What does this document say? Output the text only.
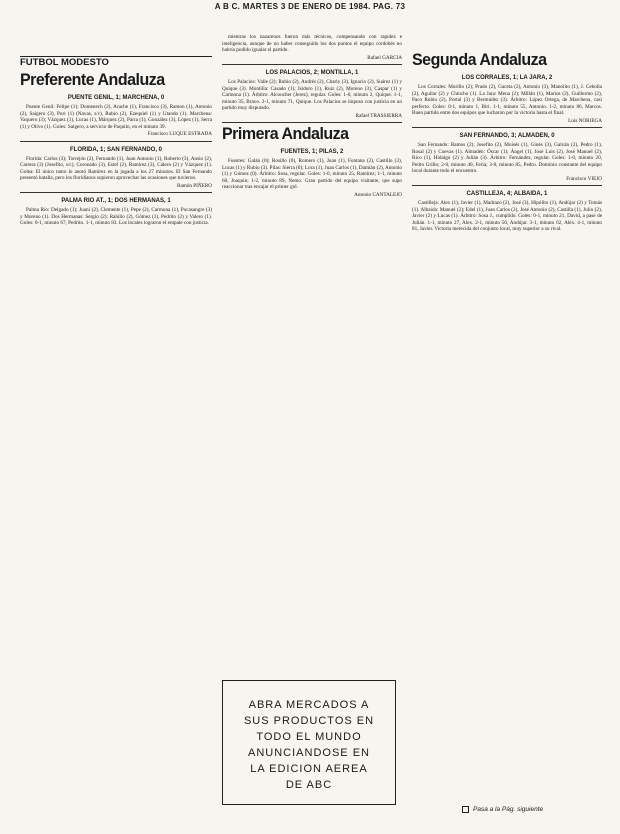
A B C. MARTES 3 DE ENERO DE 1984. PAG. 73
FUTBOL MODESTO
Preferente Andaluza
PUENTE GENIL, 1; MARCHENA, 0

Puente Genil: Felipe (1); Domenech (2), Arache (1), Francisco (3), Ramon (1), Antonio (2), Saigero (3), Puri (1) (Navas, s/c), Rubio (2), Ezequiel (1) y Utando (1). Marchena: Vaquero (3); Vázquez (1), Lucas (1), Márquez (2), Parra (1), González (3), López (1), Serra (1) y Olivo (1). Goles: Salgero, a servicio de Paquito, en el minuto 39.

Francisco LUQUE ESTRADA

FLORIDA, 1; SAN FERNANDO, 0

Florida: Carlos (3); Torrejón (2), Fernando (1), Juan Antonio (1), Roberto (3), Ansio (2), Carrera (3) (Josefito, s/c), Coronado (3), Estel (2), Ramírez (3), Calero (2) y Vázquez (1). Golea: El único tanto lo anotó Ramírez en la jugada a los 27 minutos. El San Fernando presentó batalla, pero los floridianos supieron aprovechar las ocasiones que tuvieron.

Ramón PIÑERO

PALMA RIO AT., 1; DOS HERMANAS, 1

Palma Río: Delgado (1); Juani (2), Clemente (1), Pepe (2), Carmona (1), Pocasangre (3) y Moreno (1). Dos Hermanas: Sergio (2); Rahilío (2), Gómez (1), Pedrito (2) y Valero (1). Goles: 0-1, minuto 67, Pedrito. 1-1, minuto 83. Los locales lograron el empate con justicia.

mientras los nazarenos fueron más técnicos, compensando con rapidez e inteligencia, aunque de no haber conseguido los dos puntos el equipo cordobés no habría podido igualar el partido.

Rafael GARCIA

LOS PALACIOS, 2; MONTILLA, 1

Los Palacios: Valle (2); Rubio (2), Andrés (2), Charly (3), Ignacio (2), Suárez (1) y Quique (3). Montilla: Casado (1); Isidoro (1), Ruiz (2), Moreno (3), Caspar (1) y Carmona (1). Árbitro: Alcoucher (Jerez), regular. Goles: 1-0, minuto 2, Quique. 1-1, minuto 35, Bravo. 2-1, minuto 71, Quique. Los Palacios se impuso con justicia en un partido muy disputado.

Rafael TRASSIERRA

Primera Andaluza
FUENTES, 1; PILAS, 2

Fuentes: Galán (0); Rosillo (0), Romero (1), Juan (1), Fontana (2), Castillo (3), Lucas (1) y Rubio (3). Pilas: Sierra (0); Lora (1), Juan Carlos (1), Damián (2), Antonio (1) y Gómez (0). Árbitro: Sosa, regular. Goles: 1-0, minuto 25, Ramírez; 1-1, minuto 60, Joaquín; 1-2, minuto 89, Nemo. Gran partido del equipo visitante, que supo reaccionar tras encajar el primer gol.

Antonio CANTALEJO

ABRA MERCADOS A
SUS PRODUCTOS EN
TODO EL MUNDO
ANUNCIANDOSE EN
LA EDICION AEREA
DE ABC
Segunda Andaluza
LOS CORRALES, 1; LA JARA, 2

Los Corrales: Murillo (2); Prado (2), Gaceta (2), Antonio (3), Manolito (1), J. Cebolla (2), Aguilar (2) y Chincho (1). La Jara: Mena (2); Millán (1), Marios (2), Guillermo (2), Paco Rubio (2), Portal (3) y Bermúdez (3). Árbitro: López Ortega, de Marchena, casi perfecto. Goles: 0-1, minuto 1, Biri. 1-1, minuto 55, Antonio. 1-2, minuto 86, Marcos. Buen partido entre dos equipos que lucharon por la victoria hasta el final.

Luis NORIEGA

SAN FERNANDO, 3; ALMADEN, 0

San Fernando: Ramos (2); Josefito (2), Moisés (1), Ginés (3), Galván (2), Pedro (1), Rosal (2) y Cuevas (1). Almadén: Óscar (1); Ángel (1), José Luis (2), José Manuel (2), Rico (1), Hidalgo (2) y Julián (3). Árbitro: Fernández, regular. Goles: 1-0, minuto 20, Pedro Grillo; 2-0, minuto 40, Feria; 3-0, minuto 85, Pedro. Dominio constante del equipo local durante todo el encuentro.

Francisco VIEJO

CASTILLEJA, 4; ALBAIDA, 1

Castilleja: Alex (1); Javier (1), Madrazo (2), José (3), Hipólito (1), Andújar (2) y Tomás (1). Albaida: Manuel (2); Edel (1), Juan Carlos (2), José Antonio (2), Castilla (1), Julio (2), Javier (2) y Lucas (1). Árbitro: Sosa J., cumplido. Goles: 0-1, minuto 21, David, a pase de Julián. 1-1, minuto 27, Alex. 2-1, minuto 50, Andújar. 3-1, minuto 62, Alex. 4-1, minuto 81, Javier. Victoria merecida del conjunto local, muy superior a su rival.

Pasa a la Pág. siguiente
